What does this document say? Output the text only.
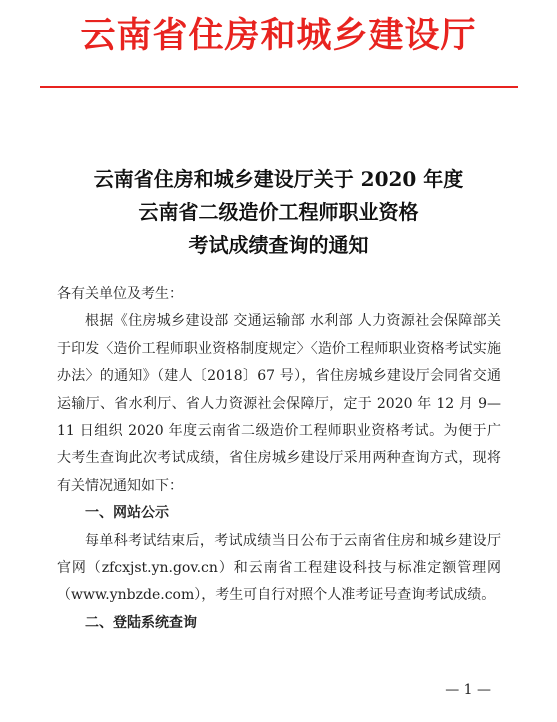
云南省住房和城乡建设厅
云南省住房和城乡建设厅关于 2020 年度
云南省二级造价工程师职业资格
考试成绩查询的通知

各有关单位及考生：

根据《住房城乡建设部 交通运输部 水利部 人力资源社会保障部关于印发〈造价工程师职业资格制度规定〉〈造价工程师职业资格考试实施办法〉的通知》（建人〔2018〕67 号），省住房城乡建设厅会同省交通运输厅、省水利厅、省人力资源社会保障厅，定于 2020 年 12 月 9—11 日组织 2020 年度云南省二级造价工程师职业资格考试。为便于广大考生查询此次考试成绩，省住房城乡建设厅采用两种查询方式，现将有关情况通知如下：

一、网站公示

每单科考试结束后，考试成绩当日公布于云南省住房和城乡建设厅官网（zfcxjst.yn.gov.cn）和云南省工程建设科技与标准定额管理网（www.ynbzde.com），考生可自行对照个人准考证号查询考试成绩。

二、登陆系统查询

— 1 —
